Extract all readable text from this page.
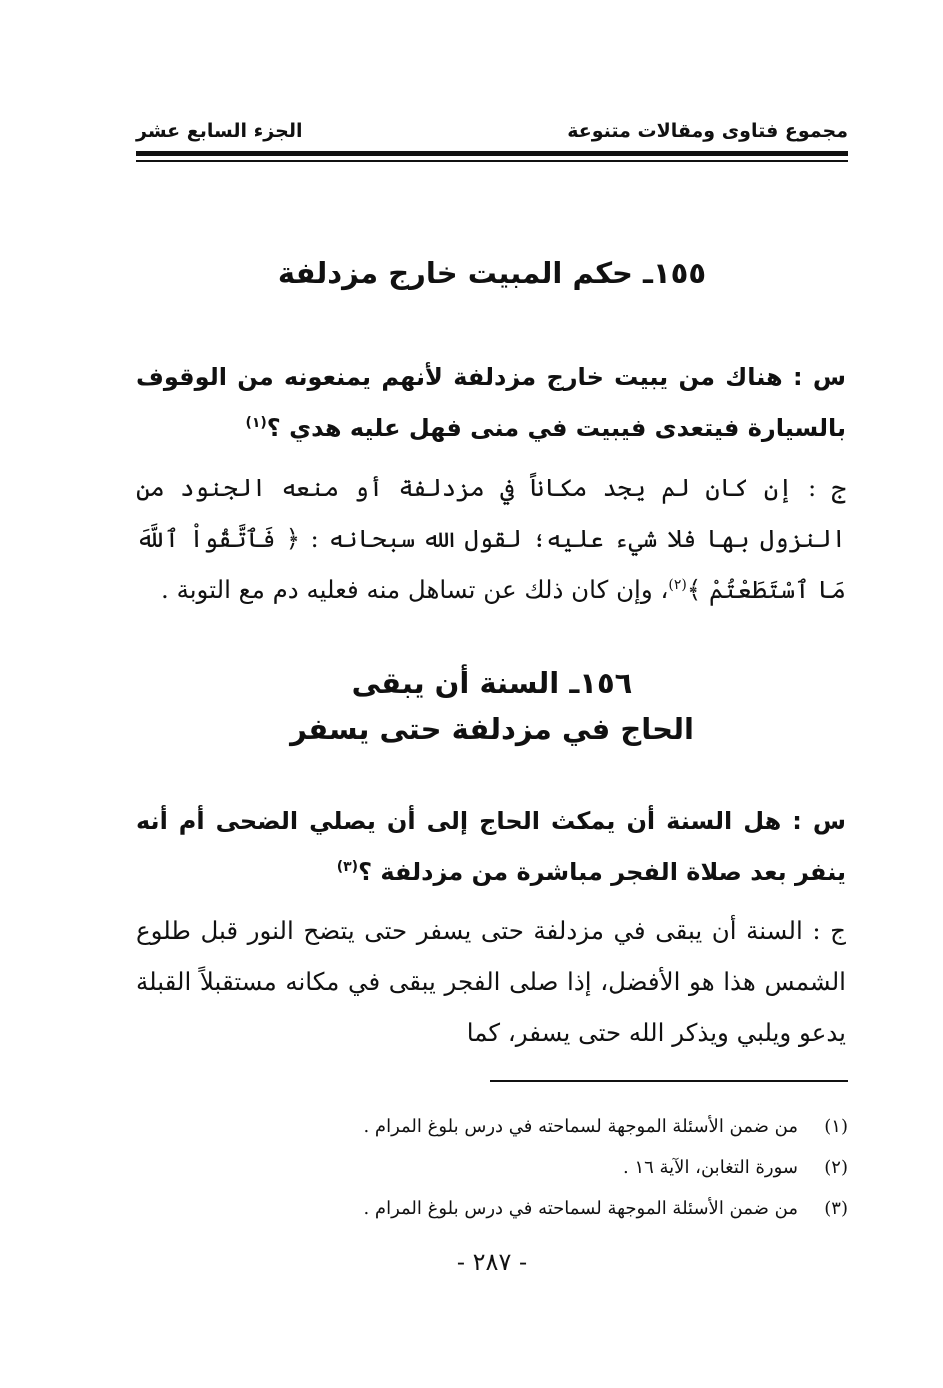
مجموع فتاوى ومقالات متنوعة
الجزء السابع عشر
١٥٥ـ حكم المبيت خارج مزدلفة
س : هناك من يبيت خارج مزدلفة لأنهم يمنعونه من الوقوف بالسيارة فيتعدى فيبيت في منى فهل عليه هدي ؟$^{(١)}$
ج : إن كان لم يجد مكاناً في مزدلفة أو منعه الجنود من النزول بها فلا شيء عليه؛ لقول الله سبحانه : ﴿ فَٱتَّقُواْ ٱللَّهَ مَا ٱسْتَطَعْتُمْ ﴾$^{(٢)}$، وإن كان ذلك عن تساهل منه فعليه دم مع التوبة .
١٥٦ـ السنة أن يبقى
الحاج في مزدلفة حتى يسفر
س : هل السنة أن يمكث الحاج إلى أن يصلي الضحى أم أنه ينفر بعد صلاة الفجر مباشرة من مزدلفة ؟$^{(٣)}$
ج : السنة أن يبقى في مزدلفة حتى يسفر حتى يتضح النور قبل طلوع الشمس هذا هو الأفضل، إذا صلى الفجر يبقى في مكانه مستقبلاً القبلة يدعو ويلبي ويذكر الله حتى يسفر، كما
(١)من ضمن الأسئلة الموجهة لسماحته في درس بلوغ المرام .
(٢)سورة التغابن، الآية ١٦ .
(٣)من ضمن الأسئلة الموجهة لسماحته في درس بلوغ المرام .
- ٢٨٧ -
